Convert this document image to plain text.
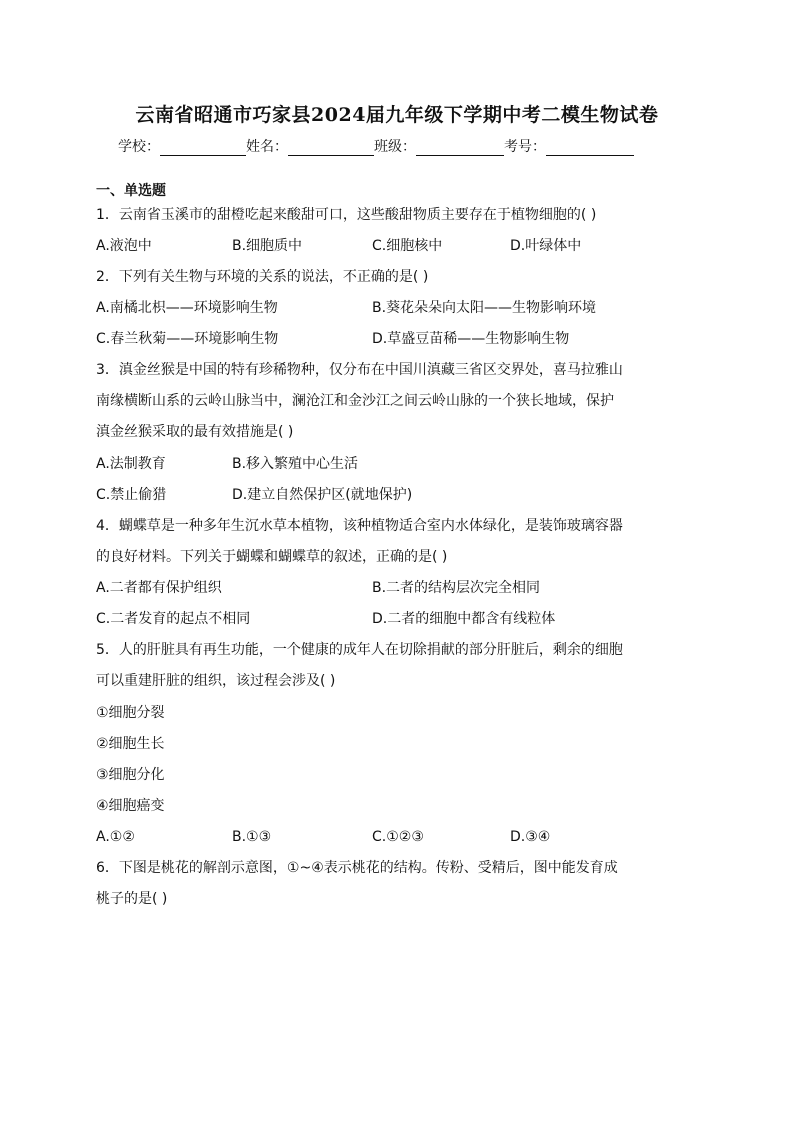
云南省昭通市巧家县2024届九年级下学期中考二模生物试卷
学校：	姓名：	班级：	考号：
一、单选题
1．云南省玉溪市的甜橙吃起来酸甜可口，这些酸甜物质主要存在于植物细胞的( )
A.液泡中	B.细胞质中	C.细胞核中	D.叶绿体中
2．下列有关生物与环境的关系的说法，不正确的是( )
A.南橘北枳——环境影响生物	B.葵花朵朵向太阳——生物影响环境
C.春兰秋菊——环境影响生物	D.草盛豆苗稀——生物影响生物
3．滇金丝猴是中国的特有珍稀物种，仅分布在中国川滇藏三省区交界处，喜马拉雅山
南缘横断山系的云岭山脉当中，澜沧江和金沙江之间云岭山脉的一个狭长地域，保护
滇金丝猴采取的最有效措施是( )
A.法制教育	B.移入繁殖中心生活
C.禁止偷猎	D.建立自然保护区(就地保护)
4．蝴蝶草是一种多年生沉水草本植物，该种植物适合室内水体绿化，是装饰玻璃容器
的良好材料。下列关于蝴蝶和蝴蝶草的叙述，正确的是( )
A.二者都有保护组织	B.二者的结构层次完全相同
C.二者发育的起点不相同	D.二者的细胞中都含有线粒体
5．人的肝脏具有再生功能，一个健康的成年人在切除捐献的部分肝脏后，剩余的细胞
可以重建肝脏的组织，该过程会涉及( )
①细胞分裂
②细胞生长
③细胞分化
④细胞癌变
A.①②	B.①③	C.①②③	D.③④
6．下图是桃花的解剖示意图，①~④表示桃花的结构。传粉、受精后，图中能发育成
桃子的是( )
